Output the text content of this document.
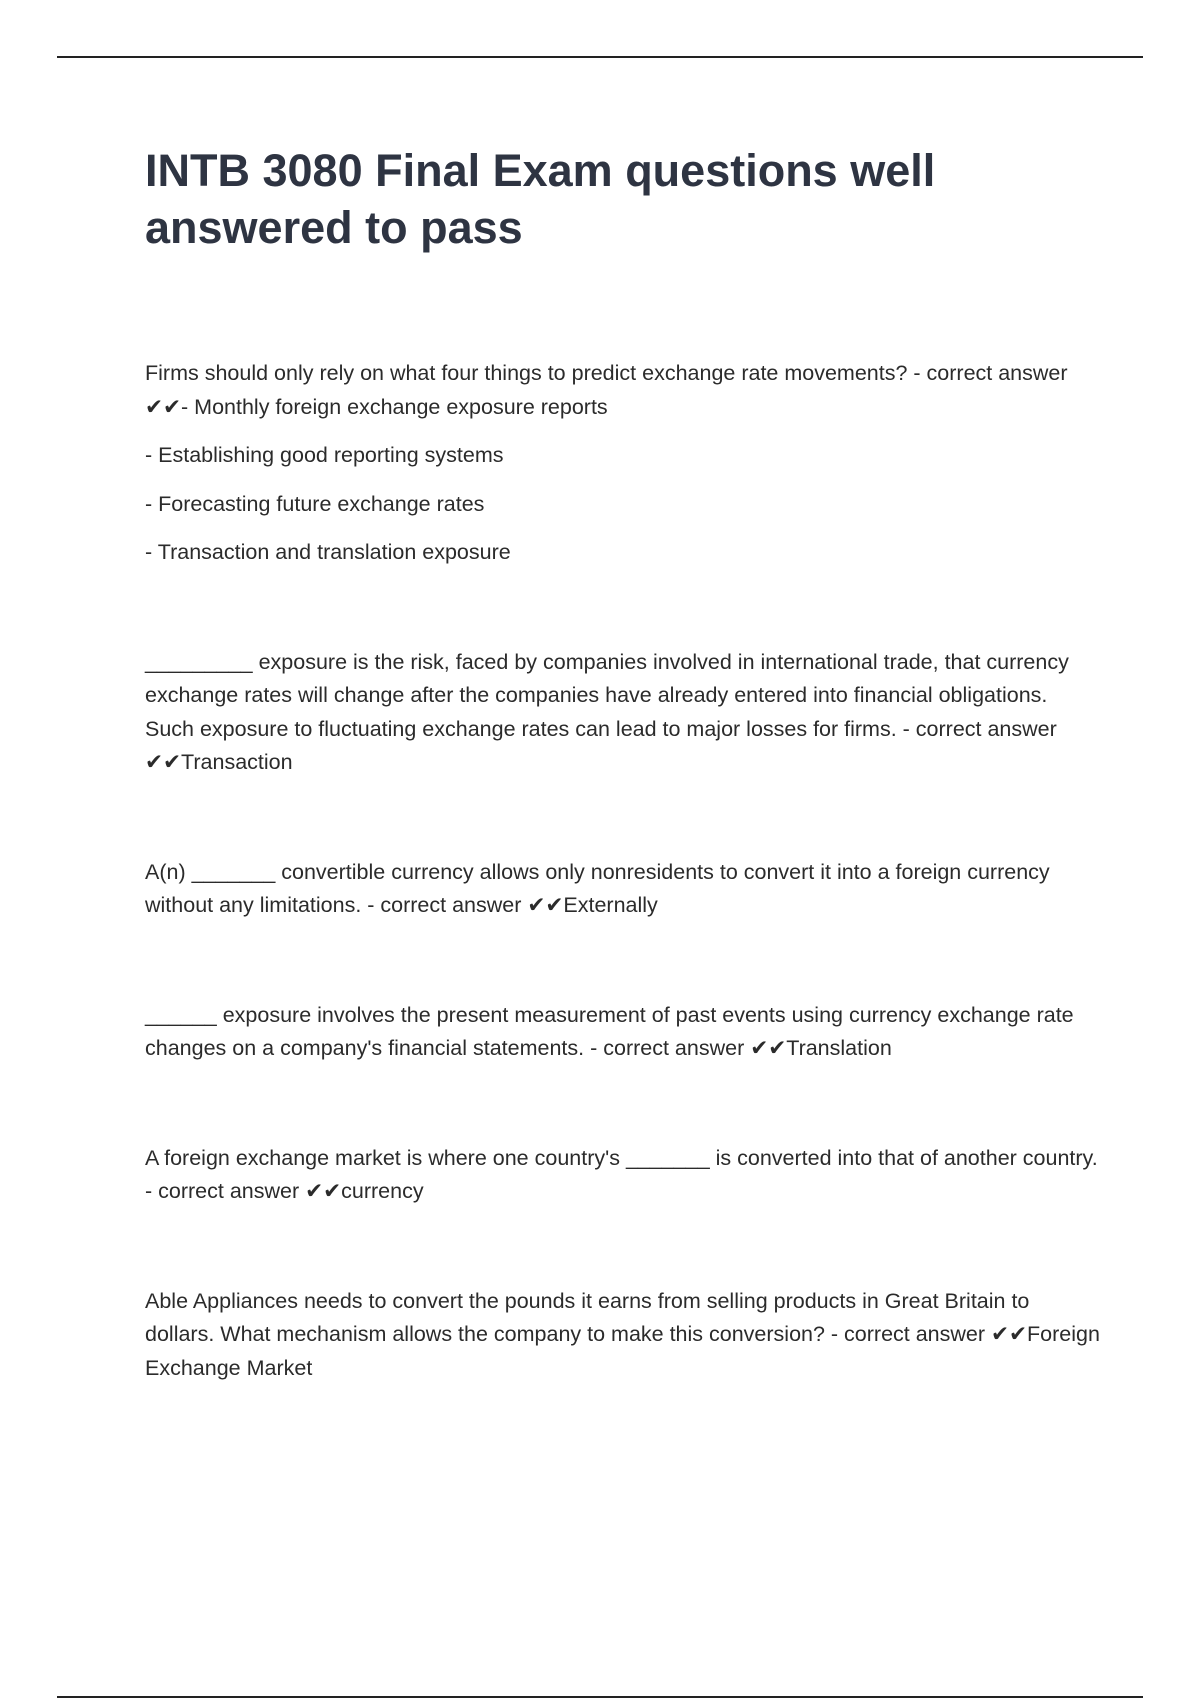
INTB 3080 Final Exam questions well answered to pass

Firms should only rely on what four things to predict exchange rate movements? - correct answer ✔✔- Monthly foreign exchange exposure reports

- Establishing good reporting systems

- Forecasting future exchange rates

- Transaction and translation exposure

_________ exposure is the risk, faced by companies involved in international trade, that currency exchange rates will change after the companies have already entered into financial obligations. Such exposure to fluctuating exchange rates can lead to major losses for firms. - correct answer ✔✔Transaction

A(n) _______ convertible currency allows only nonresidents to convert it into a foreign currency without any limitations. - correct answer ✔✔Externally

______ exposure involves the present measurement of past events using currency exchange rate changes on a company's financial statements. - correct answer ✔✔Translation

A foreign exchange market is where one country's _______ is converted into that of another country. - correct answer ✔✔currency

Able Appliances needs to convert the pounds it earns from selling products in Great Britain to dollars. What mechanism allows the company to make this conversion? - correct answer ✔✔Foreign Exchange Market
